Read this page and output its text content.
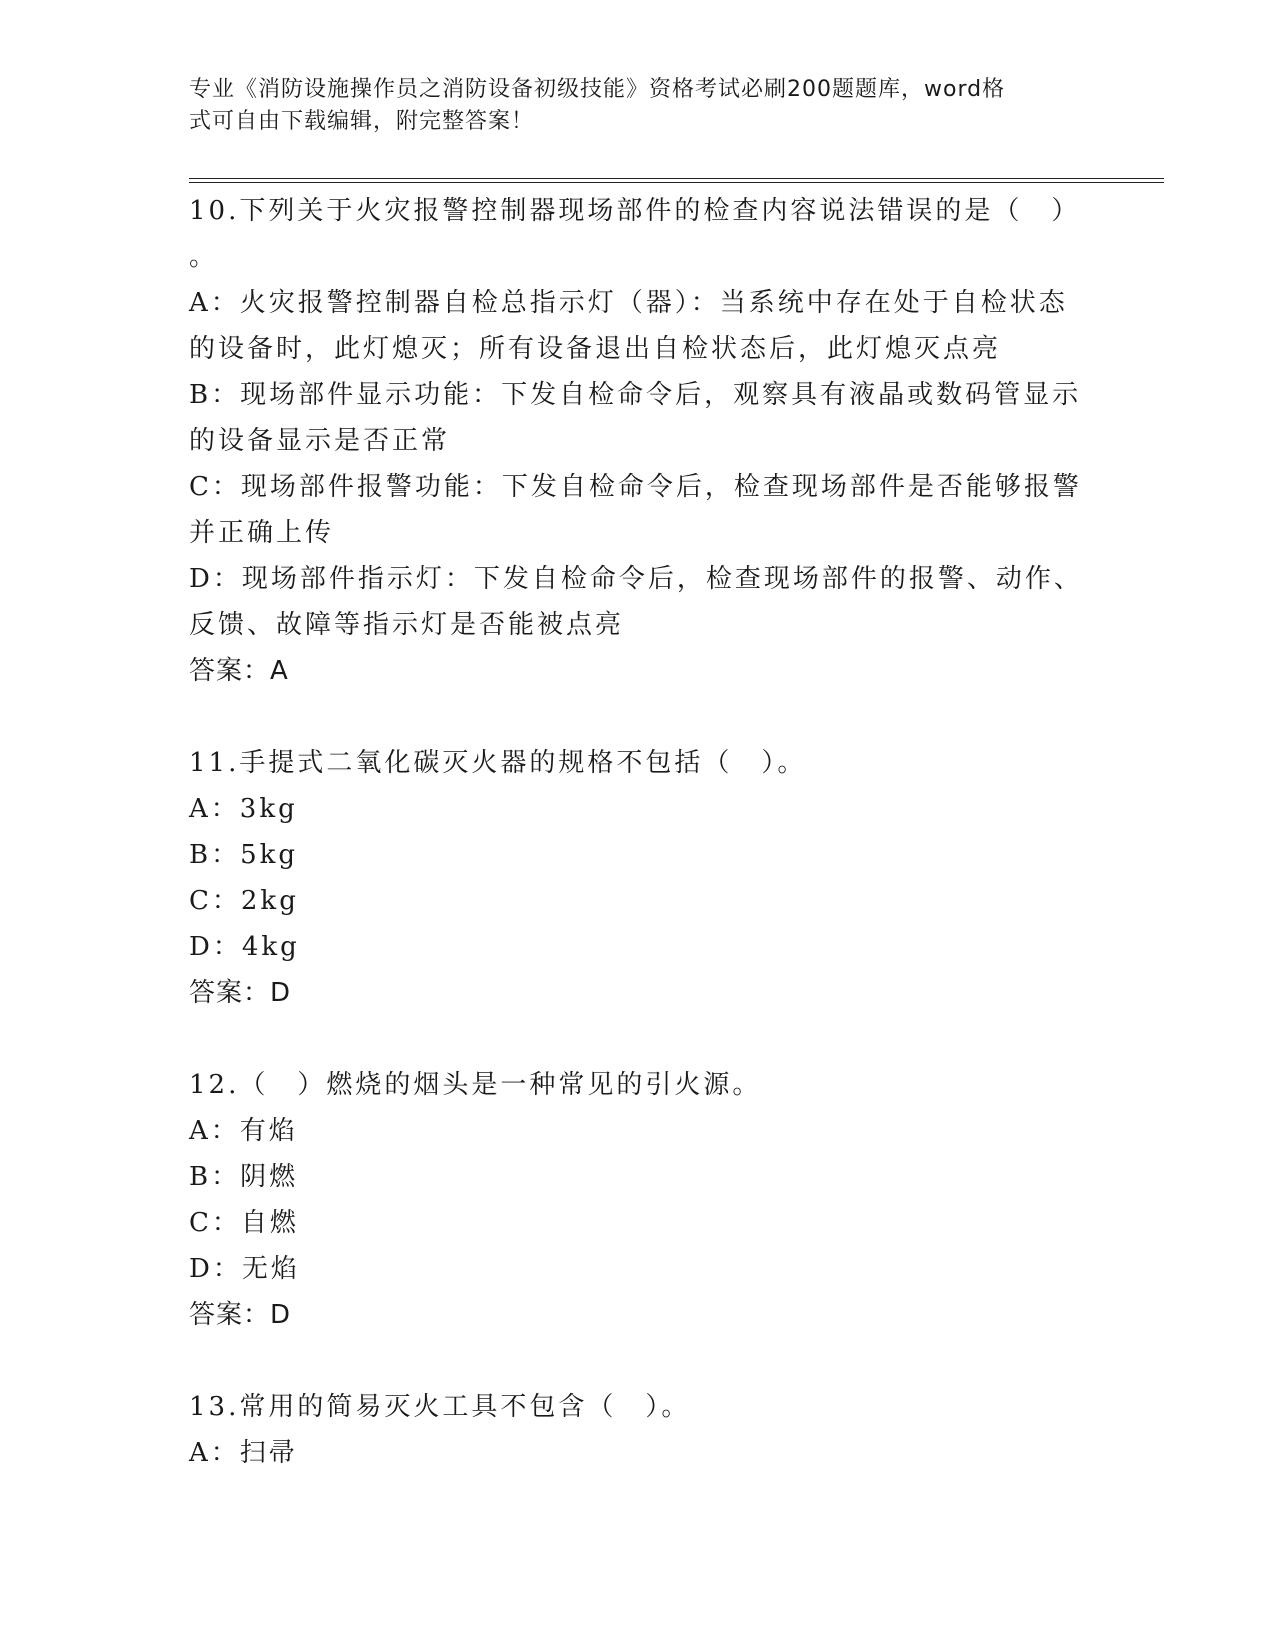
专业《消防设施操作员之消防设备初级技能》资格考试必刷200题题库，word格
式可自由下载编辑，附完整答案！
10.下列关于火灾报警控制器现场部件的检查内容说法错误的是（　）
。
A：火灾报警控制器自检总指示灯（器）：当系统中存在处于自检状态
的设备时，此灯熄灭；所有设备退出自检状态后，此灯熄灭点亮
B：现场部件显示功能：下发自检命令后，观察具有液晶或数码管显示
的设备显示是否正常
C：现场部件报警功能：下发自检命令后，检查现场部件是否能够报警
并正确上传
D：现场部件指示灯：下发自检命令后，检查现场部件的报警、动作、
反馈、故障等指示灯是否能被点亮
答案：A
11.手提式二氧化碳灭火器的规格不包括（　）。
A：3kg
B：5kg
C：2kg
D：4kg
答案：D
12.（　）燃烧的烟头是一种常见的引火源。
A：有焰
B：阴燃
C：自燃
D：无焰
答案：D
13.常用的简易灭火工具不包含（　）。
A：扫帚
